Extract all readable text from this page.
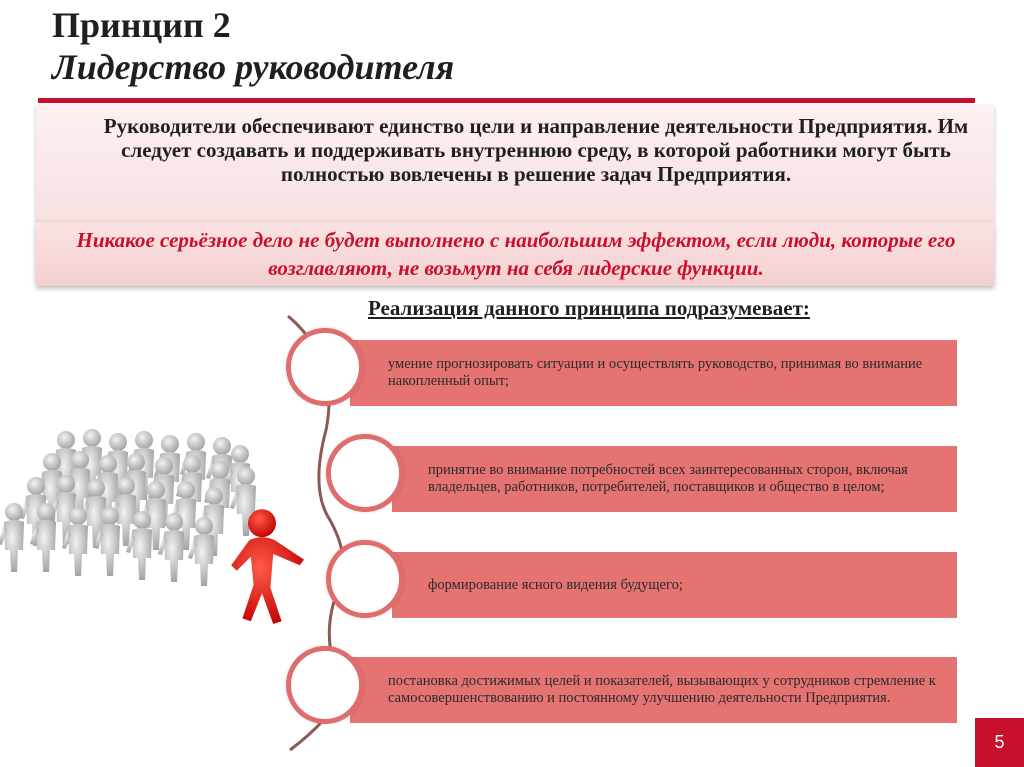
Принцип 2
Лидерство руководителя
Руководители обеспечивают единство цели и направление деятельности Предприятия. Им следует создавать и поддерживать внутреннюю среду, в которой работники могут быть полностью вовлечены в решение задач Предприятия.
Никакое серьёзное дело не будет выполнено с наибольшим эффектом, если люди, которые его возглавляют, не возьмут на себя лидерские функции.
Реализация данного принципа подразумевает:
умение прогнозировать ситуации и осуществлять руководство, принимая во внимание накопленный опыт;
принятие во внимание потребностей всех заинтересованных сторон, включая владельцев, работников, потребителей, поставщиков и общество в целом;
формирование ясного видения будущего;
постановка достижимых целей и показателей, вызывающих у сотрудников стремление к самосовершенствованию и постоянному улучшению деятельности Предприятия.
5
